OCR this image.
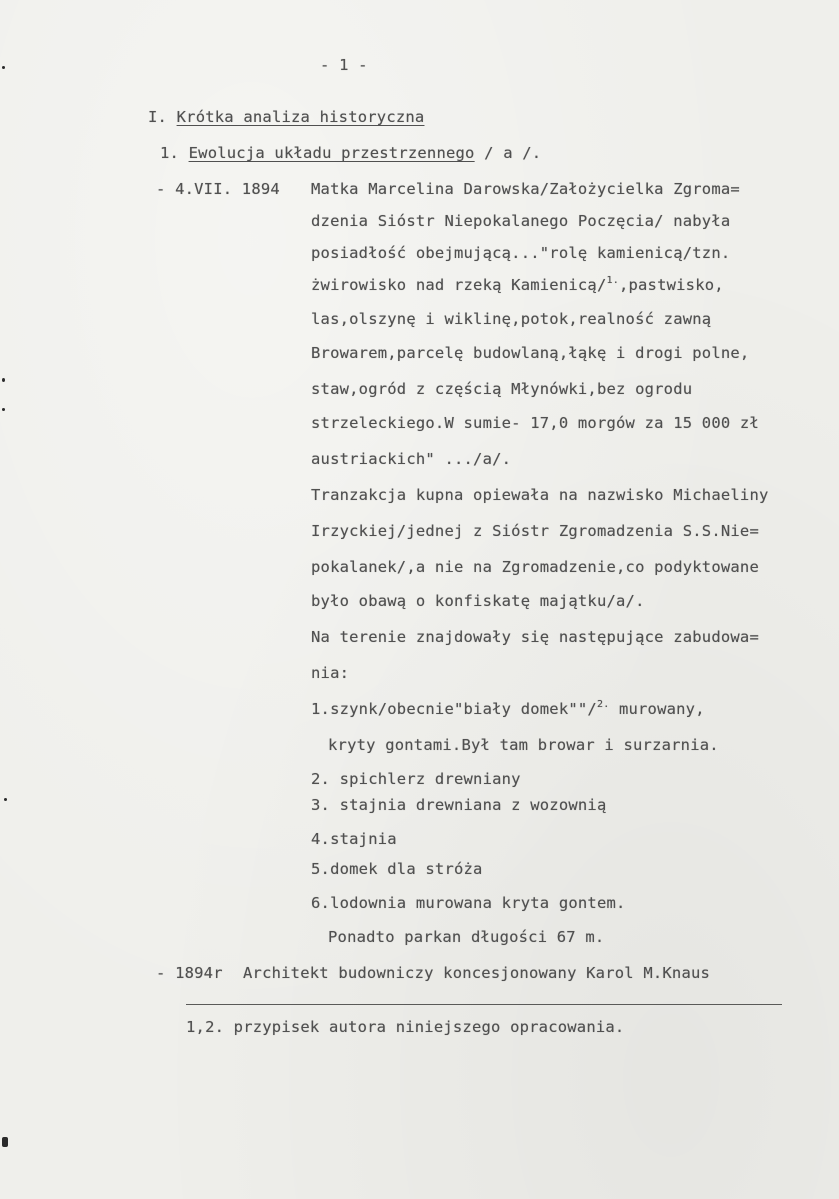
- 1 -
I. Krótka analiza historyczna
1. Ewolucja układu przestrzennego / a /.
- 4.VII. 1894 Matka Marcelina Darowska/Założycielka Zgroma=
dzenia Sióstr Niepokalanego Poczęcia/ nabyła
posiadłość obejmującą..."rolę kamienicą/tzn.
żwirowisko nad rzeką Kamienicą/$^{1.}$,pastwisko,
las,olszynę i wiklinę,potok,realność zawną
Browarem,parcelę budowlaną,łąkę i drogi polne,
staw,ogród z częścią Młynówki,bez ogrodu
strzeleckiego.W sumie- 17,0 morgów za 15 000 zł
austriackich" .../a/.
Tranzakcja kupna opiewała na nazwisko Michaeliny
Irzyckiej/jednej z Sióstr Zgromadzenia S.S.Nie=
pokalanek/,a nie na Zgromadzenie,co podyktowane
było obawą o konfiskatę majątku/a/.
Na terenie znajdowały się następujące zabudowa=
nia:
1.szynk/obecnie"biały domek""/$^{2.}$ murowany,
kryty gontami.Był tam browar i surzarnia.
2. spichlerz drewniany
3. stajnia drewniana z wozownią
4.stajnia
5.domek dla stróża
6.lodownia murowana kryta gontem.
Ponadto parkan długości 67 m.
- 1894r Architekt budowniczy koncesjonowany Karol M.Knaus
1,2. przypisek autora niniejszego opracowania.
